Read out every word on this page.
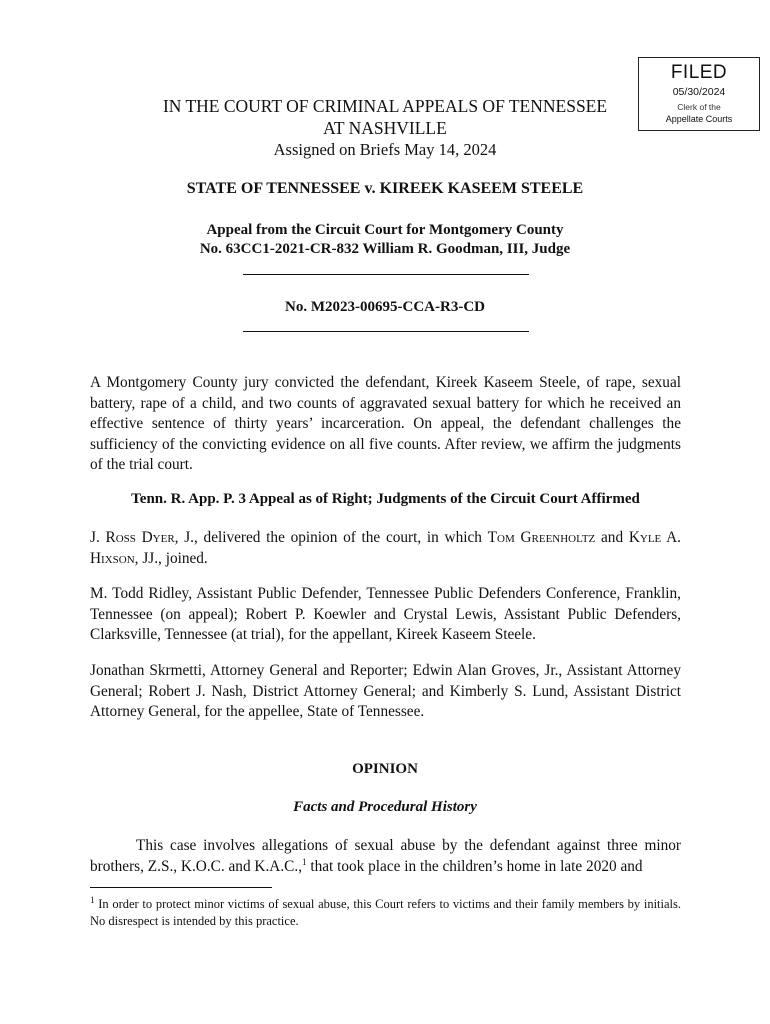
FILED
05/30/2024
Clerk of the
Appellate Courts
IN THE COURT OF CRIMINAL APPEALS OF TENNESSEE
AT NASHVILLE
Assigned on Briefs May 14, 2024
STATE OF TENNESSEE v. KIREEK KASEEM STEELE
Appeal from the Circuit Court for Montgomery County
No. 63CC1-2021-CR-832 William R. Goodman, III, Judge
No. M2023-00695-CCA-R3-CD
A Montgomery County jury convicted the defendant, Kireek Kaseem Steele, of rape, sexual battery, rape of a child, and two counts of aggravated sexual battery for which he received an effective sentence of thirty years’ incarceration. On appeal, the defendant challenges the sufficiency of the convicting evidence on all five counts. After review, we affirm the judgments of the trial court.
Tenn. R. App. P. 3 Appeal as of Right; Judgments of the Circuit Court Affirmed
J. Ross Dyer, J., delivered the opinion of the court, in which Tom Greenholtz and Kyle A. Hixson, JJ., joined.
M. Todd Ridley, Assistant Public Defender, Tennessee Public Defenders Conference, Franklin, Tennessee (on appeal); Robert P. Koewler and Crystal Lewis, Assistant Public Defenders, Clarksville, Tennessee (at trial), for the appellant, Kireek Kaseem Steele.
Jonathan Skrmetti, Attorney General and Reporter; Edwin Alan Groves, Jr., Assistant Attorney General; Robert J. Nash, District Attorney General; and Kimberly S. Lund, Assistant District Attorney General, for the appellee, State of Tennessee.
OPINION
Facts and Procedural History
This case involves allegations of sexual abuse by the defendant against three minor brothers, Z.S., K.O.C. and K.A.C.,$^1$ that took place in the children’s home in late 2020 and
$^1$ In order to protect minor victims of sexual abuse, this Court refers to victims and their family members by initials. No disrespect is intended by this practice.
